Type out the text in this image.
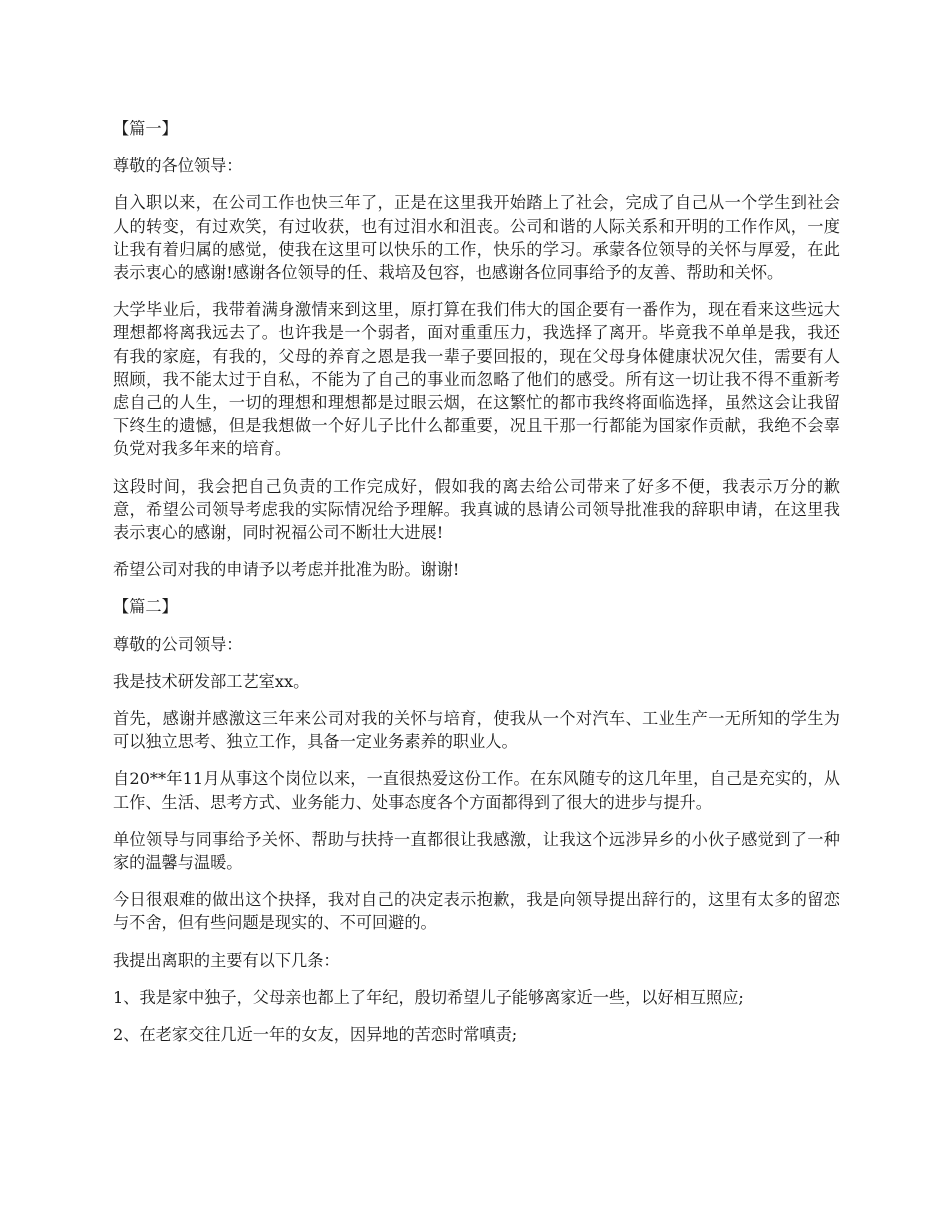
【篇一】

尊敬的各位领导：

自入职以来，在公司工作也快三年了，正是在这里我开始踏上了社会，完成了自己从一个学生到社会人的转变，有过欢笑，有过收获，也有过泪水和沮丧。公司和谐的人际关系和开明的工作作风，一度让我有着归属的感觉，使我在这里可以快乐的工作，快乐的学习。承蒙各位领导的关怀与厚爱，在此表示衷心的感谢!感谢各位领导的任、栽培及包容，也感谢各位同事给予的友善、帮助和关怀。

大学毕业后，我带着满身激情来到这里，原打算在我们伟大的国企要有一番作为，现在看来这些远大理想都将离我远去了。也许我是一个弱者，面对重重压力，我选择了离开。毕竟我不单单是我，我还有我的家庭，有我的，父母的养育之恩是我一辈子要回报的，现在父母身体健康状况欠佳，需要有人照顾，我不能太过于自私，不能为了自己的事业而忽略了他们的感受。所有这一切让我不得不重新考虑自己的人生，一切的理想和理想都是过眼云烟，在这繁忙的都市我终将面临选择，虽然这会让我留下终生的遗憾，但是我想做一个好儿子比什么都重要，况且干那一行都能为国家作贡献，我绝不会辜负党对我多年来的培育。

这段时间，我会把自己负责的工作完成好，假如我的离去给公司带来了好多不便，我表示万分的歉意，希望公司领导考虑我的实际情况给予理解。我真诚的恳请公司领导批准我的辞职申请，在这里我表示衷心的感谢，同时祝福公司不断壮大进展!

希望公司对我的申请予以考虑并批准为盼。谢谢!

【篇二】

尊敬的公司领导：

我是技术研发部工艺室xx。

首先，感谢并感激这三年来公司对我的关怀与培育，使我从一个对汽车、工业生产一无所知的学生为可以独立思考、独立工作，具备一定业务素养的职业人。

自20**年11月从事这个岗位以来，一直很热爱这份工作。在东风随专的这几年里，自己是充实的，从工作、生活、思考方式、业务能力、处事态度各个方面都得到了很大的进步与提升。

单位领导与同事给予关怀、帮助与扶持一直都很让我感激，让我这个远涉异乡的小伙子感觉到了一种家的温馨与温暖。

今日很艰难的做出这个抉择，我对自己的决定表示抱歉，我是向领导提出辞行的，这里有太多的留恋与不舍，但有些问题是现实的、不可回避的。

我提出离职的主要有以下几条：

1、我是家中独子，父母亲也都上了年纪，殷切希望儿子能够离家近一些，以好相互照应;

2、在老家交往几近一年的女友，因异地的苦恋时常嗔责;
